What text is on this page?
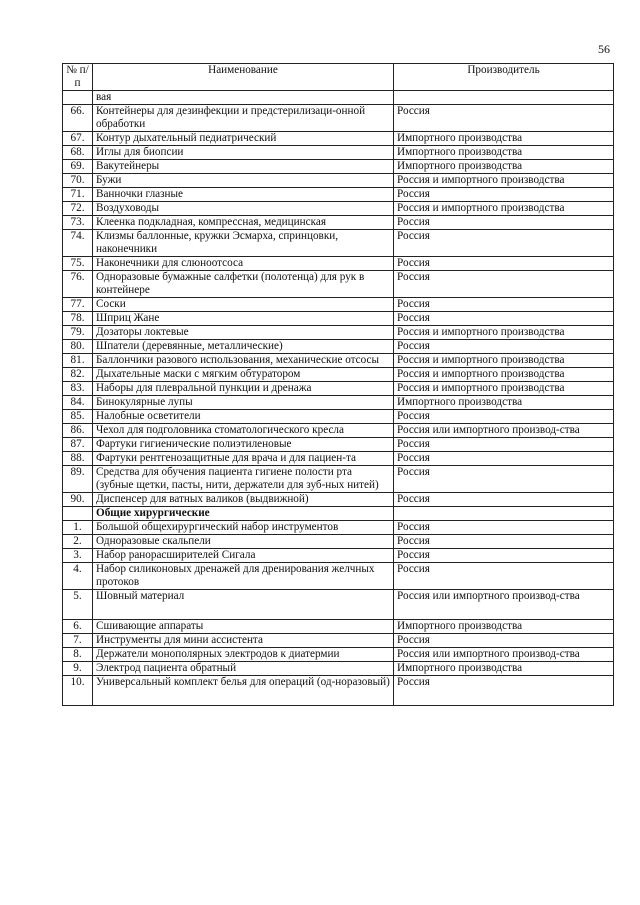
56
№ п/п	Наименование	Производитель
	вая	
66.	Контейнеры для дезинфекции и предстерилизаци-онной обработки	Россия
67.	Контур дыхательный педиатрический	Импортного производства
68.	Иглы для биопсии	Импортного производства
69.	Вакутейнеры	Импортного производства
70.	Бужи	Россия и импортного производства
71.	Ванночки глазные	Россия
72.	Воздуховоды	Россия и импортного производства
73.	Клеенка подкладная, компрессная, медицинская	Россия
74.	Клизмы баллонные, кружки Эсмарха, спринцовки, наконечники	Россия
75.	Наконечники для слюноотсоса	Россия
76.	Одноразовые бумажные салфетки (полотенца) для рук в контейнере	Россия
77.	Соски	Россия
78.	Шприц Жане	Россия
79.	Дозаторы локтевые	Россия и импортного производства
80.	Шпатели (деревянные, металлические)	Россия
81.	Баллончики разового использования, механические отсосы	Россия и импортного производства
82.	Дыхательные маски с мягким обтуратором	Россия и импортного производства
83.	Наборы для плевральной пункции и дренажа	Россия и импортного производства
84.	Бинокулярные лупы	Импортного производства
85.	Налобные осветители	Россия
86.	Чехол для подголовника стоматологического кресла	Россия или импортного производ-ства
87.	Фартуки гигиенические полиэтиленовые	Россия
88.	Фартуки рентгенозащитные для врача и для пациен-та	Россия
89.	Средства для обучения пациента гигиене полости рта (зубные щетки, пасты, нити, держатели для зуб-ных нитей)	Россия
90.	Диспенсер для ватных валиков (выдвижной)	Россия
	Общие хирургические	
1.	Большой общехирургический набор инструментов	Россия
2.	Одноразовые скальпели	Россия
3.	Набор ранорасширителей Сигала	Россия
4.	Набор силиконовых дренажей для дренирования желчных протоков	Россия
5.	Шовный материал	Россия или импортного производ-ства
6.	Сшивающие аппараты	Импортного производства
7.	Инструменты для мини ассистента	Россия
8.	Держатели монополярных электродов к диатермии	Россия или импортного производ-ства
9.	Электрод пациента обратный	Импортного производства
10.	Универсальный комплект белья для операций (од-норазовый)	Россия
